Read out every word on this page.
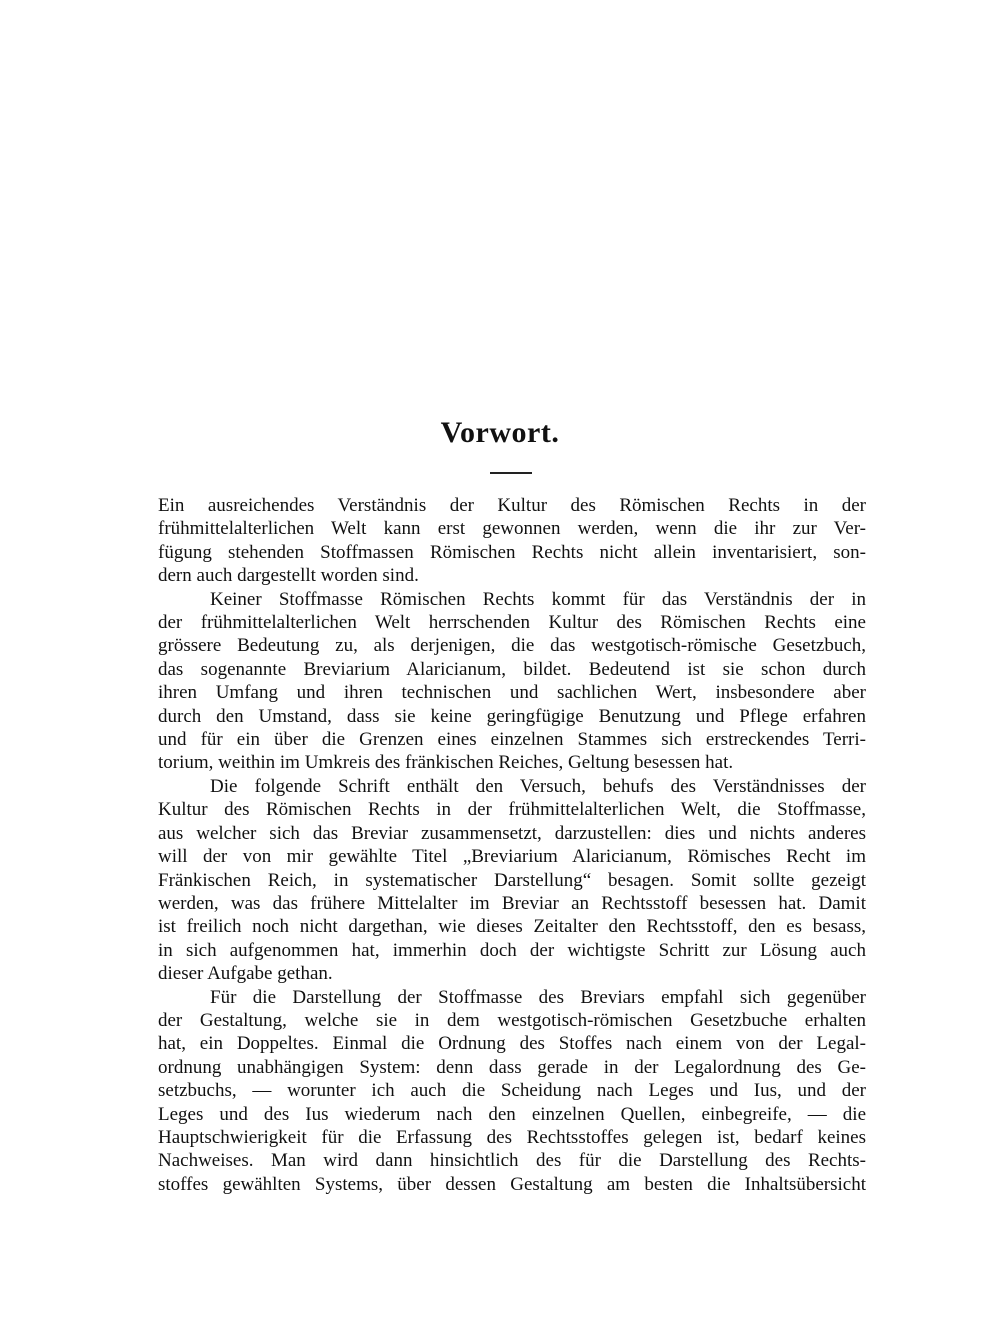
Vorwort.
Ein ausreichendes Verständnis der Kultur des Römischen Rechts in der
frühmittelalterlichen Welt kann erst gewonnen werden, wenn die ihr zur Ver-
fügung stehenden Stoffmassen Römischen Rechts nicht allein inventarisiert, son-
dern auch dargestellt worden sind.
Keiner Stoffmasse Römischen Rechts kommt für das Verständnis der in
der frühmittelalterlichen Welt herrschenden Kultur des Römischen Rechts eine
grössere Bedeutung zu, als derjenigen, die das westgotisch-römische Gesetzbuch,
das sogenannte Breviarium Alaricianum, bildet. Bedeutend ist sie schon durch
ihren Umfang und ihren technischen und sachlichen Wert, insbesondere aber
durch den Umstand, dass sie keine geringfügige Benutzung und Pflege erfahren
und für ein über die Grenzen eines einzelnen Stammes sich erstreckendes Terri-
torium, weithin im Umkreis des fränkischen Reiches, Geltung besessen hat.
Die folgende Schrift enthält den Versuch, behufs des Verständnisses der
Kultur des Römischen Rechts in der frühmittelalterlichen Welt, die Stoffmasse,
aus welcher sich das Breviar zusammensetzt, darzustellen: dies und nichts anderes
will der von mir gewählte Titel „Breviarium Alaricianum, Römisches Recht im
Fränkischen Reich, in systematischer Darstellung“ besagen. Somit sollte gezeigt
werden, was das frühere Mittelalter im Breviar an Rechtsstoff besessen hat. Damit
ist freilich noch nicht dargethan, wie dieses Zeitalter den Rechtsstoff, den es besass,
in sich aufgenommen hat, immerhin doch der wichtigste Schritt zur Lösung auch
dieser Aufgabe gethan.
Für die Darstellung der Stoffmasse des Breviars empfahl sich gegenüber
der Gestaltung, welche sie in dem westgotisch-römischen Gesetzbuche erhalten
hat, ein Doppeltes. Einmal die Ordnung des Stoffes nach einem von der Legal-
ordnung unabhängigen System: denn dass gerade in der Legalordnung des Ge-
setzbuchs, — worunter ich auch die Scheidung nach Leges und Ius, und der
Leges und des Ius wiederum nach den einzelnen Quellen, einbegreife, — die
Hauptschwierigkeit für die Erfassung des Rechtsstoffes gelegen ist, bedarf keines
Nachweises. Man wird dann hinsichtlich des für die Darstellung des Rechts-
stoffes gewählten Systems, über dessen Gestaltung am besten die Inhaltsübersicht
